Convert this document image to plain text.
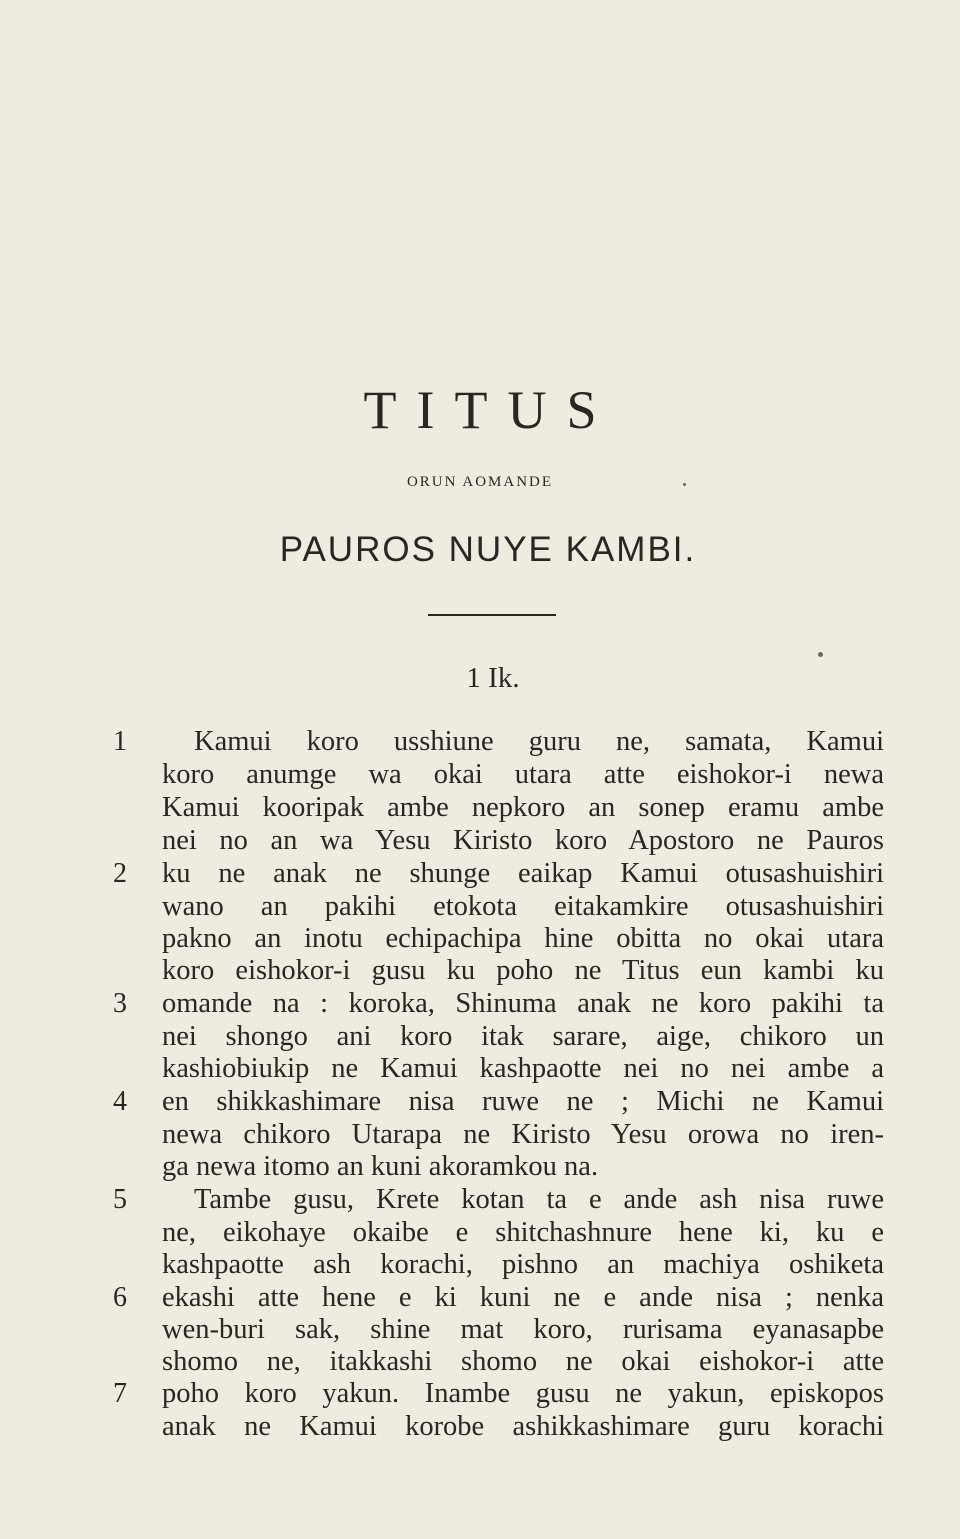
TITUS
ORUN AOMANDE
PAUROS NUYE KAMBI.
1 Ik.
1
2
3
4
5
6
7
Kamui koro usshiune guru ne, samata, Kamui
koro anumge wa okai utara atte eishokor-i newa
Kamui kooripak ambe nepkoro an sonep eramu ambe
nei no an wa Yesu Kiristo koro Apostoro ne Pauros
ku ne anak ne shunge eaikap Kamui otusashuishiri
wano an pakihi etokota eitakamkire otusashuishiri
pakno an inotu echipachipa hine obitta no okai utara
koro eishokor-i gusu ku poho ne Titus eun kambi ku
omande na : koroka, Shinuma anak ne koro pakihi ta
nei shongo ani koro itak sarare, aige, chikoro un
kashiobiukip ne Kamui kashpaotte nei no nei ambe a
en shikkashimare nisa ruwe ne ; Michi ne Kamui
newa chikoro Utarapa ne Kiristo Yesu orowa no iren-
ga newa itomo an kuni akoramkou na.
Tambe gusu, Krete kotan ta e ande ash nisa ruwe
ne, eikohaye okaibe e shitchashnure hene ki, ku e
kashpaotte ash korachi, pishno an machiya oshiketa
ekashi atte hene e ki kuni ne e ande nisa ; nenka
wen-buri sak, shine mat koro, rurisama eyanasapbe
shomo ne, itakkashi shomo ne okai eishokor-i atte
poho koro yakun. Inambe gusu ne yakun, episkopos
anak ne Kamui korobe ashikkashimare guru korachi
